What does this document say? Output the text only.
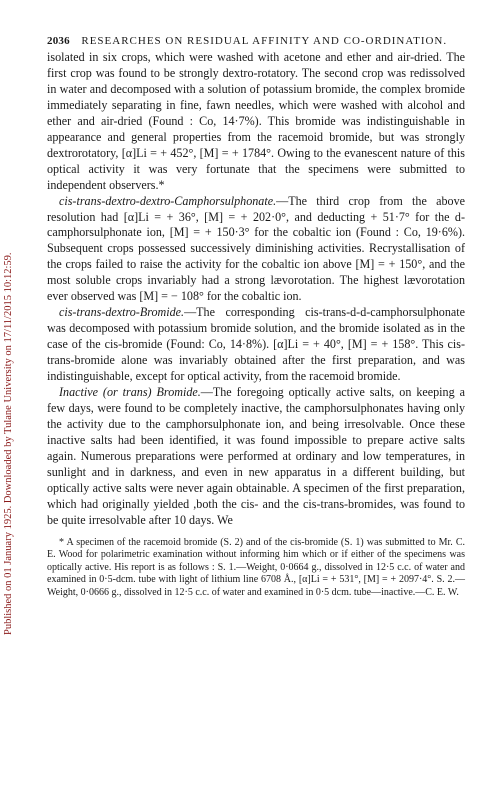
Published on 01 January 1925. Downloaded by Tulane University on 17/11/2015 10:12:59.
2036 RESEARCHES ON RESIDUAL AFFINITY AND CO-ORDINATION.

isolated in six crops, which were washed with acetone and ether and air-dried. The first crop was found to be strongly dextro-rotatory. The second crop was redissolved in water and decomposed with a solution of potassium bromide, the complex bromide immediately separating in fine, fawn needles, which were washed with alcohol and ether and air-dried (Found : Co, 14·7%). This bromide was indistinguishable in appearance and general properties from the racemoid bromide, but was strongly dextrorotatory, [α]Li = + 452°, [M] = + 1784°. Owing to the evanescent nature of this optical activity it was very fortunate that the specimens were submitted to independent observers.*

cis-trans-dextro-dextro-Camphorsulphonate.—The third crop from the above resolution had [α]Li = + 36°, [M] = + 202·0°, and deducting + 51·7° for the d-camphorsulphonate ion, [M] = + 150·3° for the cobaltic ion (Found : Co, 19·6%). Subsequent crops possessed successively diminishing activities. Recrystallisation of the crops failed to raise the activity for the cobaltic ion above [M] = + 150°, and the most soluble crops invariably had a strong lævorotation. The highest lævorotation ever observed was [M] = − 108° for the cobaltic ion.

cis-trans-dextro-Bromide.—The corresponding cis-trans-d-d-camphorsulphonate was decomposed with potassium bromide solution, and the bromide isolated as in the case of the cis-bromide (Found: Co, 14·8%). [α]Li = + 40°, [M] = + 158°. This cis-trans-bromide alone was invariably obtained after the first preparation, and was indistinguishable, except for optical activity, from the racemoid bromide.

Inactive (or trans) Bromide.—The foregoing optically active salts, on keeping a few days, were found to be completely inactive, the camphorsulphonates having only the activity due to the camphorsulphonate ion, and being irresolvable. Once these inactive salts had been identified, it was found impossible to prepare active salts again. Numerous preparations were performed at ordinary and low temperatures, in sunlight and in darkness, and even in new apparatus in a different building, but optically active salts were never again obtainable. A specimen of the first preparation, which had originally yielded ,both the cis- and the cis-trans-bromides, was found to be quite irresolvable after 10 days. We

* A specimen of the racemoid bromide (S. 2) and of the cis-bromide (S. 1) was submitted to Mr. C. E. Wood for polarimetric examination without informing him which or if either of the specimens was optically active. His report is as follows : S. 1.—Weight, 0·0664 g., dissolved in 12·5 c.c. of water and examined in 0·5-dcm. tube with light of lithium line 6708 Å., [α]Li = + 531°, [M] = + 2097·4°. S. 2.—Weight, 0·0666 g., dissolved in 12·5 c.c. of water and examined in 0·5 dcm. tube—inactive.—C. E. W.
